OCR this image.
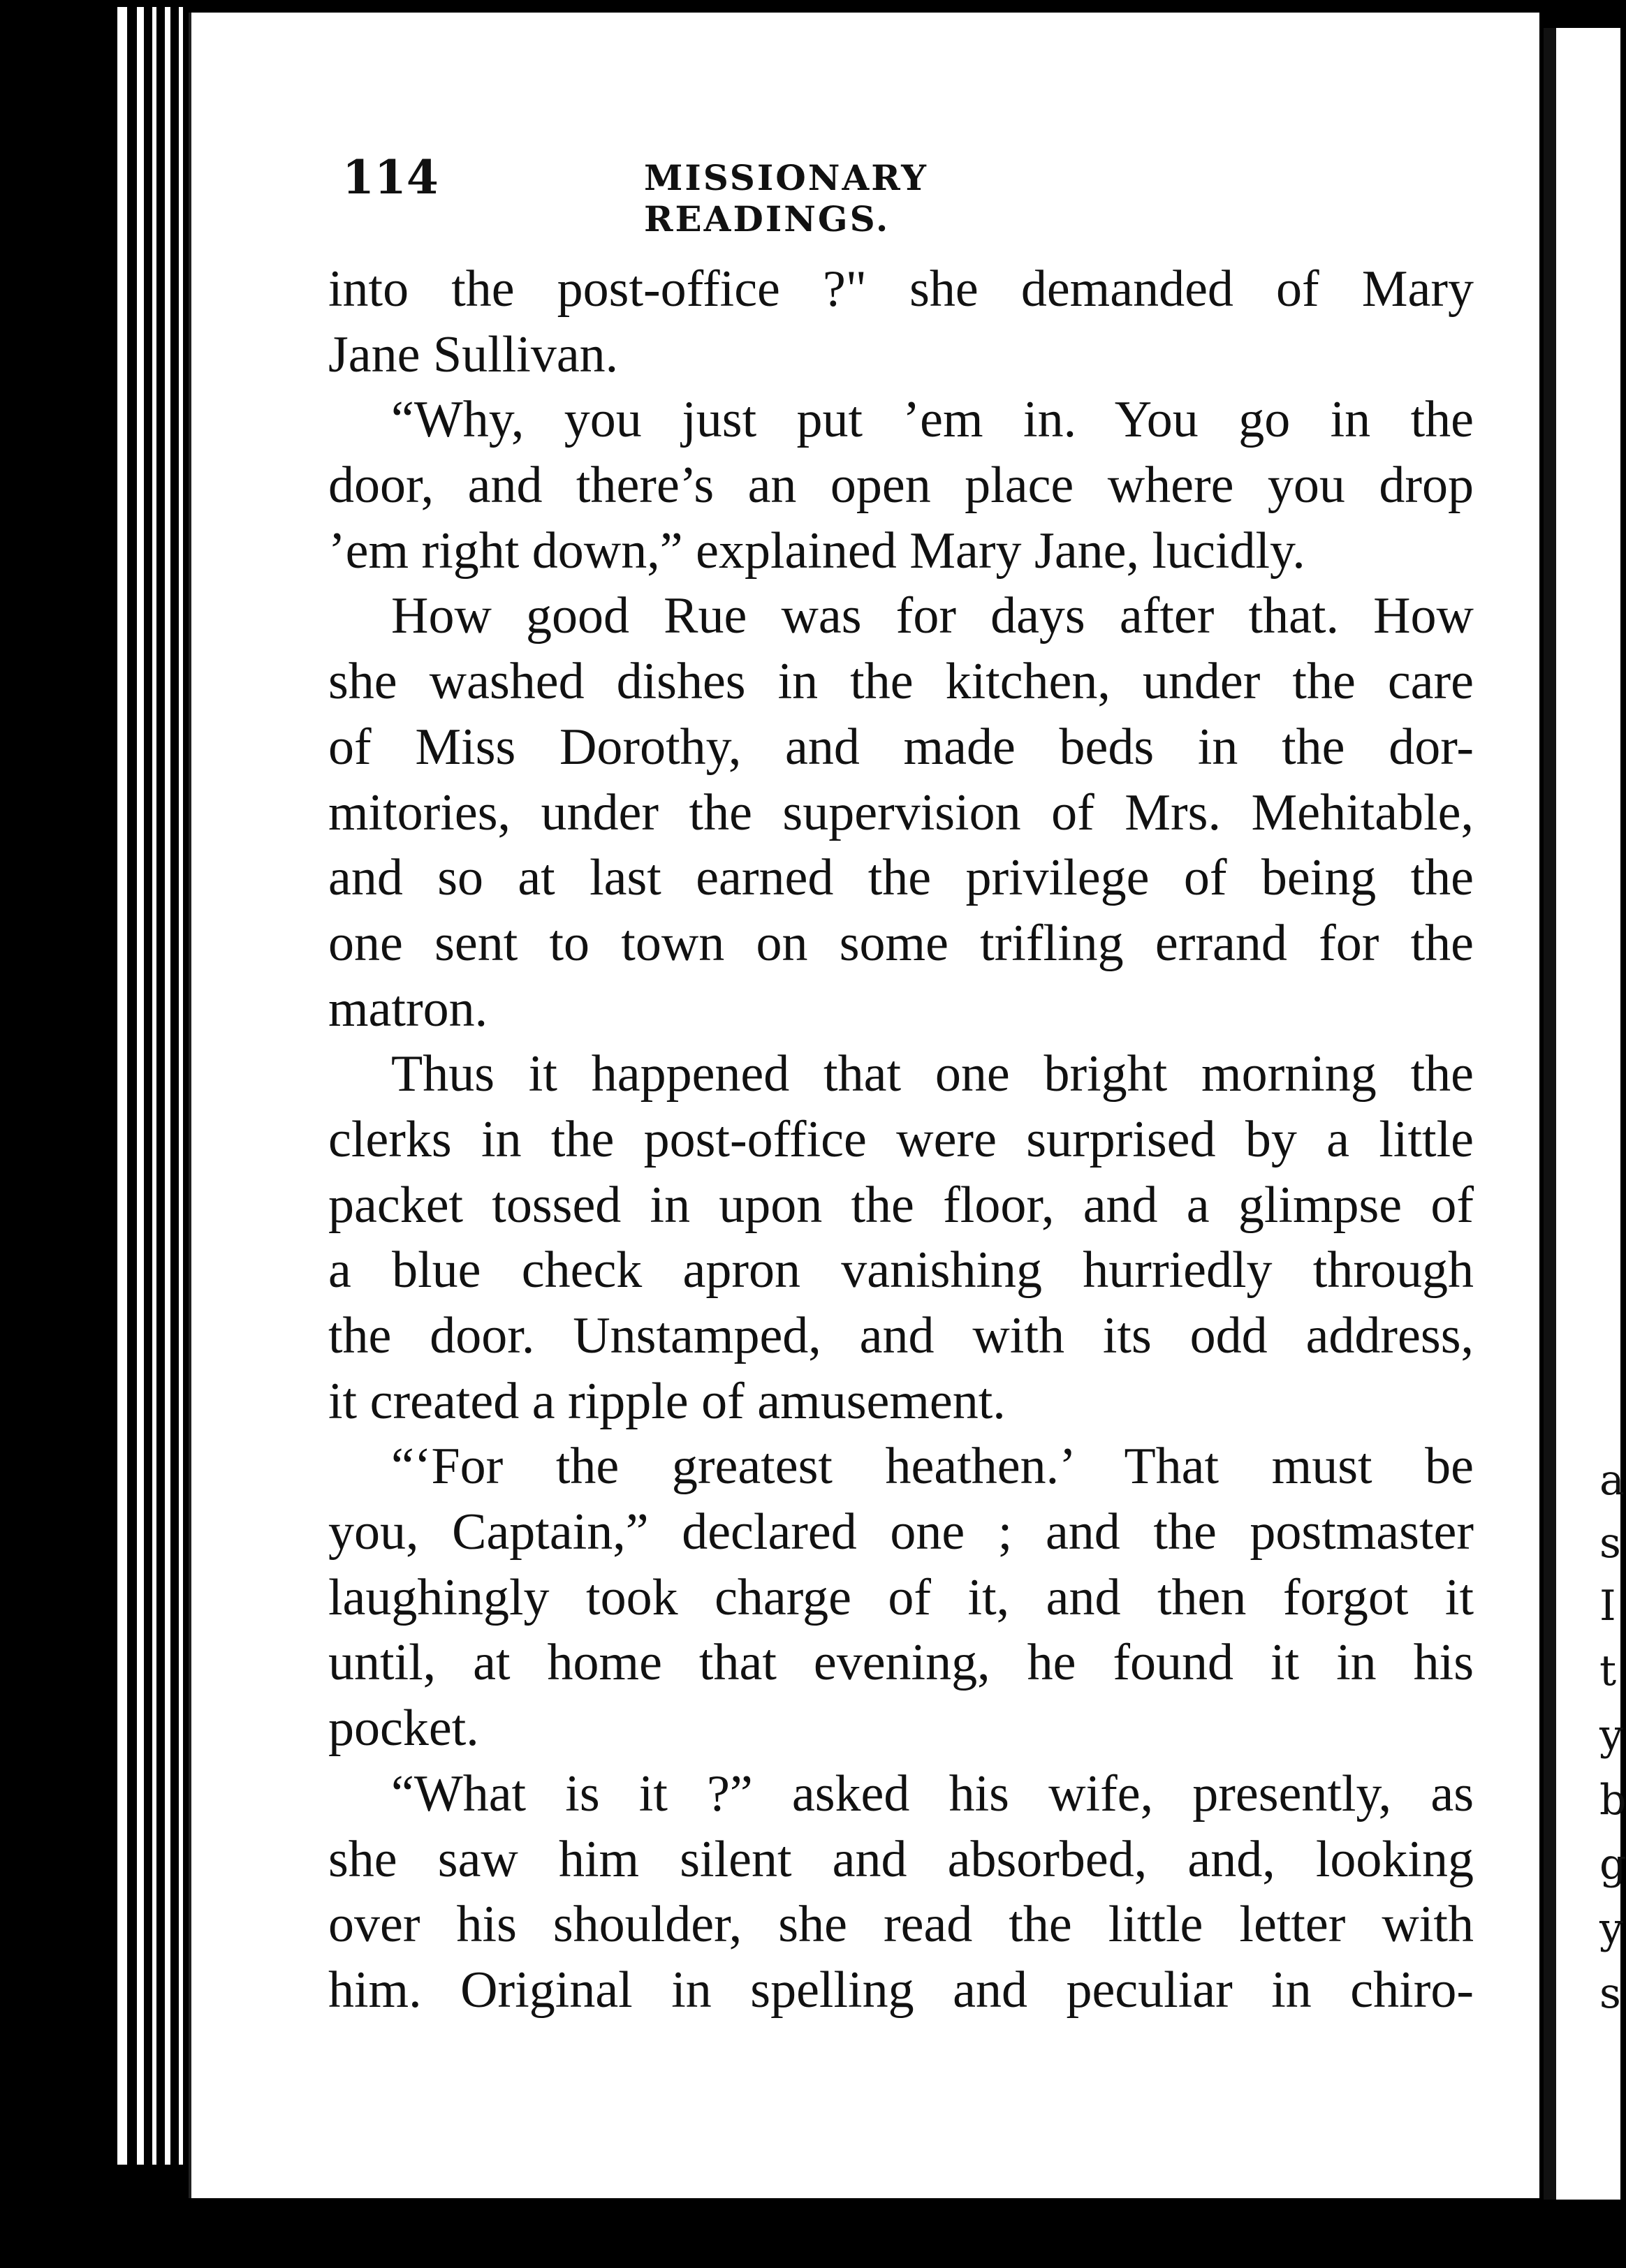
a
s
I
t
y
b
g
y
s
114	MISSIONARY READINGS.
into the post-office ?" she demanded of Mary
Jane Sullivan.
“Why, you just put ’em in. You go in the
door, and there’s an open place where you drop
’em right down,” explained Mary Jane, lucidly.
How good Rue was for days after that. How
she washed dishes in the kitchen, under the care
of Miss Dorothy, and made beds in the dor-
mitories, under the supervision of Mrs. Mehitable,
and so at last earned the privilege of being the
one sent to town on some trifling errand for the
matron.
Thus it happened that one bright morning the
clerks in the post-office were surprised by a little
packet tossed in upon the floor, and a glimpse of
a blue check apron vanishing hurriedly through
the door. Unstamped, and with its odd address,
it created a ripple of amusement.
“‘For the greatest heathen.’ That must be
you, Captain,” declared one ; and the postmaster
laughingly took charge of it, and then forgot it
until, at home that evening, he found it in his
pocket.
“What is it ?” asked his wife, presently, as
she saw him silent and absorbed, and, looking
over his shoulder, she read the little letter with
him. Original in spelling and peculiar in chiro-
